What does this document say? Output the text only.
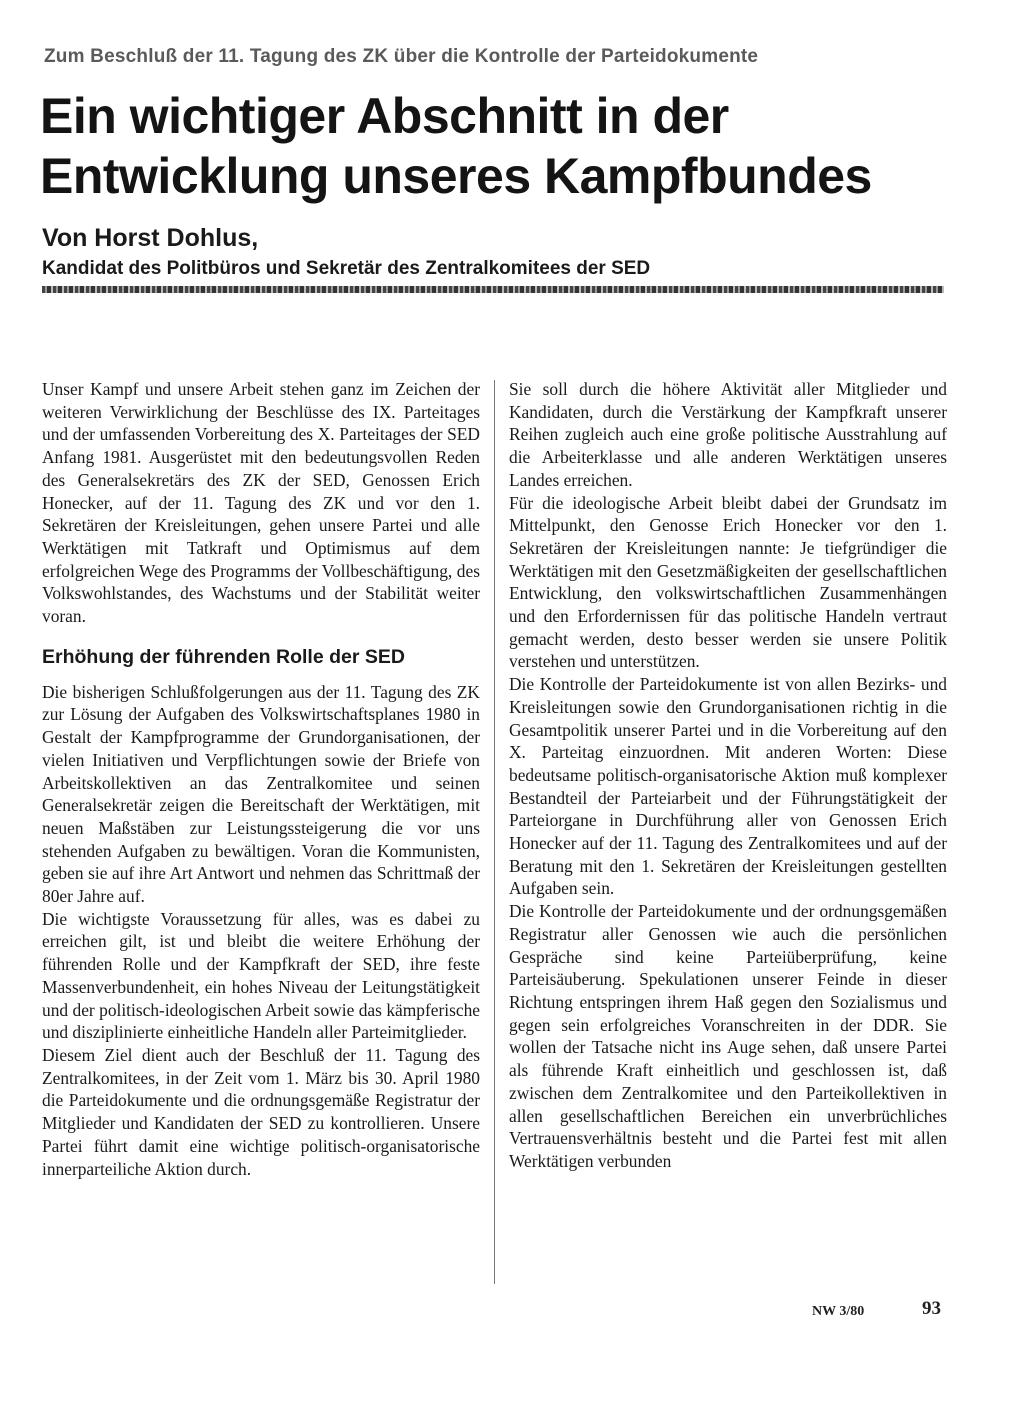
Zum Beschluß der 11. Tagung des ZK über die Kontrolle der Parteidokumente
Ein wichtiger Abschnitt in der Entwicklung unseres Kampfbundes
Von Horst Dohlus,
Kandidat des Politbüros und Sekretär des Zentralkomitees der SED

Unser Kampf und unsere Arbeit stehen ganz im Zeichen der weiteren Verwirklichung der Beschlüsse des IX. Parteitages und der umfassenden Vorbereitung des X. Parteitages der SED Anfang 1981. Ausgerüstet mit den bedeutungsvollen Reden des Generalsekretärs des ZK der SED, Genossen Erich Honecker, auf der 11. Tagung des ZK und vor den 1. Sekretären der Kreisleitungen, gehen unsere Partei und alle Werktätigen mit Tatkraft und Optimismus auf dem erfolgreichen Wege des Programms der Vollbeschäftigung, des Volkswohlstandes, des Wachstums und der Stabilität weiter voran.

Erhöhung der führenden Rolle der SED

Die bisherigen Schlußfolgerungen aus der 11. Tagung des ZK zur Lösung der Aufgaben des Volkswirtschaftsplanes 1980 in Gestalt der Kampfprogramme der Grundorganisationen, der vielen Initiativen und Verpflichtungen sowie der Briefe von Arbeitskollektiven an das Zentralkomitee und seinen Generalsekretär zeigen die Bereitschaft der Werktätigen, mit neuen Maßstäben zur Leistungssteigerung die vor uns stehenden Aufgaben zu bewältigen. Voran die Kommunisten, geben sie auf ihre Art Antwort und nehmen das Schrittmaß der 80er Jahre auf.

Die wichtigste Voraussetzung für alles, was es dabei zu erreichen gilt, ist und bleibt die weitere Erhöhung der führenden Rolle und der Kampfkraft der SED, ihre feste Massenverbundenheit, ein hohes Niveau der Leitungstätigkeit und der politisch-ideologischen Arbeit sowie das kämpferische und disziplinierte einheitliche Handeln aller Parteimitglieder.

Diesem Ziel dient auch der Beschluß der 11. Tagung des Zentralkomitees, in der Zeit vom 1. März bis 30. April 1980 die Parteidokumente und die ordnungsgemäße Registratur der Mitglieder und Kandidaten der SED zu kontrollieren. Unsere Partei führt damit eine wichtige politisch-organisatorische innerparteiliche Aktion durch.

Sie soll durch die höhere Aktivität aller Mitglieder und Kandidaten, durch die Verstärkung der Kampfkraft unserer Reihen zugleich auch eine große politische Ausstrahlung auf die Arbeiterklasse und alle anderen Werktätigen unseres Landes erreichen.

Für die ideologische Arbeit bleibt dabei der Grundsatz im Mittelpunkt, den Genosse Erich Honecker vor den 1. Sekretären der Kreisleitungen nannte: Je tiefgründiger die Werktätigen mit den Gesetzmäßigkeiten der gesellschaftlichen Entwicklung, den volkswirtschaftlichen Zusammenhängen und den Erfordernissen für das politische Handeln vertraut gemacht werden, desto besser werden sie unsere Politik verstehen und unterstützen.

Die Kontrolle der Parteidokumente ist von allen Bezirks- und Kreisleitungen sowie den Grundorganisationen richtig in die Gesamtpolitik unserer Partei und in die Vorbereitung auf den X. Parteitag einzuordnen. Mit anderen Worten: Diese bedeutsame politisch-organisatorische Aktion muß komplexer Bestandteil der Parteiarbeit und der Führungstätigkeit der Parteiorgane in Durchführung aller von Genossen Erich Honecker auf der 11. Tagung des Zentralkomitees und auf der Beratung mit den 1. Sekretären der Kreisleitungen gestellten Aufgaben sein.

Die Kontrolle der Parteidokumente und der ordnungsgemäßen Registratur aller Genossen wie auch die persönlichen Gespräche sind keine Parteiüberprüfung, keine Parteisäuberung. Spekulationen unserer Feinde in dieser Richtung entspringen ihrem Haß gegen den Sozialismus und gegen sein erfolgreiches Voranschreiten in der DDR. Sie wollen der Tatsache nicht ins Auge sehen, daß unsere Partei als führende Kraft einheitlich und geschlossen ist, daß zwischen dem Zentralkomitee und den Parteikollektiven in allen gesellschaftlichen Bereichen ein unverbrüchliches Vertrauensverhältnis besteht und die Partei fest mit allen Werktätigen verbunden

NW 3/80	93
